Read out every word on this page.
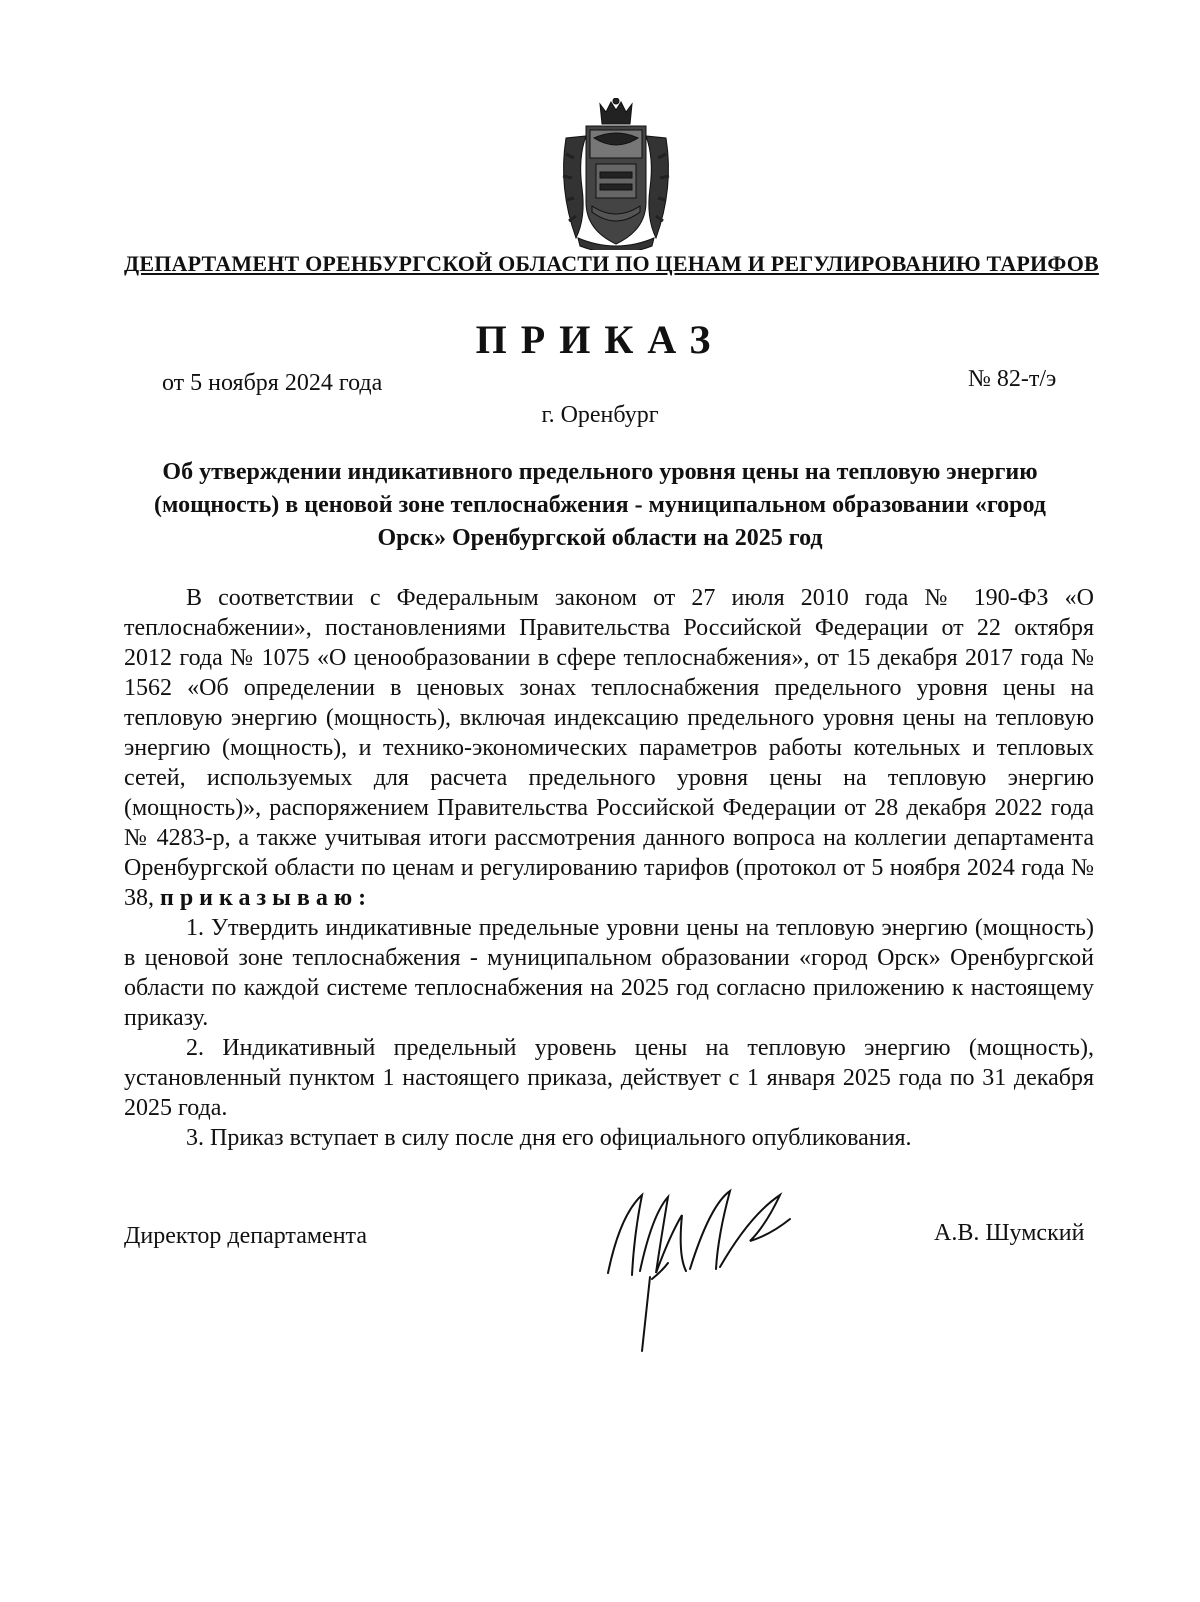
ДЕПАРТАМЕНТ ОРЕНБУРГСКОЙ ОБЛАСТИ ПО ЦЕНАМ И РЕГУЛИРОВАНИЮ ТАРИФОВ
ПРИКАЗ
от 5 ноября 2024 года	№ 82-т/э
г. Оренбург
Об утверждении индикативного предельного уровня цены на тепловую энергию (мощность) в ценовой зоне теплоснабжения - муниципальном образовании «город Орск» Оренбургской области на 2025 год

В соответствии с Федеральным законом от 27 июля 2010 года № 190-ФЗ «О теплоснабжении», постановлениями Правительства Российской Федерации от 22 октября 2012 года № 1075 «О ценообразовании в сфере теплоснабжения», от 15 декабря 2017 года № 1562 «Об определении в ценовых зонах теплоснабжения предельного уровня цены на тепловую энергию (мощность), включая индексацию предельного уровня цены на тепловую энергию (мощность), и технико-экономических параметров работы котельных и тепловых сетей, используемых для расчета предельного уровня цены на тепловую энергию (мощность)», распоряжением Правительства Российской Федерации от 28 декабря 2022 года № 4283-р, а также учитывая итоги рассмотрения данного вопроса на коллегии департамента Оренбургской области по ценам и регулированию тарифов (протокол от 5 ноября 2024 года № 38, приказываю:

1. Утвердить индикативные предельные уровни цены на тепловую энергию (мощность) в ценовой зоне теплоснабжения - муниципальном образовании «город Орск» Оренбургской области по каждой системе теплоснабжения на 2025 год согласно приложению к настоящему приказу.

2. Индикативный предельный уровень цены на тепловую энергию (мощность), установленный пунктом 1 настоящего приказа, действует с 1 января 2025 года по 31 декабря 2025 года.

3. Приказ вступает в силу после дня его официального опубликования.

Директор департамента	А.В. Шумский
